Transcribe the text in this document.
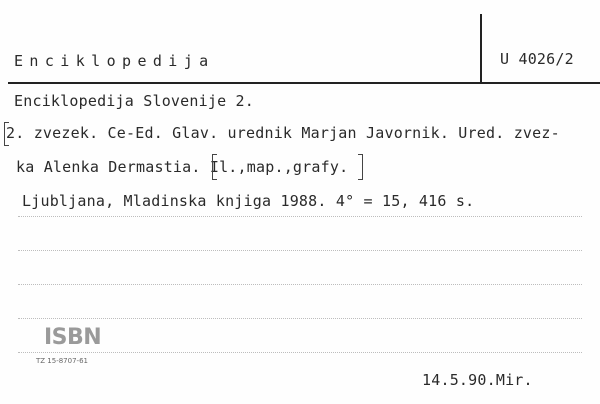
Enciklopedija	U 4026/2
Enciklopedija Slovenije 2.
2. zvezek. Ce-Ed. Glav. urednik Marjan Javornik. Ured. zvez-
ka Alenka Dermastia. Il.,map.,grafy.
Ljubljana, Mladinska knjiga 1988. 4° = 15, 416 s.
ISBN
TZ 15-8707-61
14.5.90.Mir.
